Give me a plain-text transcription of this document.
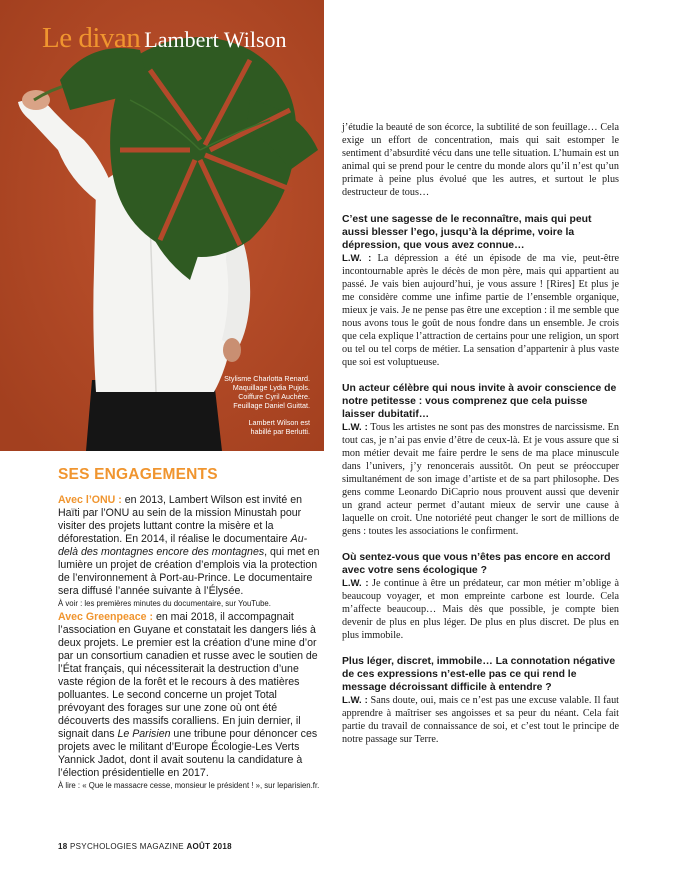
Le divan Lambert Wilson

Stylisme Charlotta Renard.

Maquillage Lydia Pujols.

Coiffure Cyril Auchère.

Feuillage Daniel Guittat.

Lambert Wilson est

habillé par Berlutti.

SES ENGAGEMENTS

Avec l’ONU : en 2013, Lambert Wilson est invité en Haïti par l’ONU au sein de la mission Minustah pour visiter des projets luttant contre la misère et la déforestation. En 2014, il réalise le documentaire Au-delà des montagnes encore des montagnes, qui met en lumière un projet de création d’emplois via la protection de l’environnement à Port-au-Prince. Le documentaire sera diffusé l’année suivante à l’Élysée.

À voir : les premières minutes du documentaire, sur YouTube.

Avec Greenpeace : en mai 2018, il accompagnait l’association en Guyane et constatait les dangers liés à deux projets. Le premier est la création d’une mine d’or par un consortium canadien et russe avec le soutien de l’État français, qui nécessiterait la destruction d’une vaste région de la forêt et le recours à des matières polluantes. Le second concerne un projet Total prévoyant des forages sur une zone où ont été découverts des massifs coralliens. En juin dernier, il signait dans Le Parisien une tribune pour dénoncer ces projets avec le militant d’Europe Écologie-Les Verts Yannick Jadot, dont il avait soutenu la candidature à l’élection présidentielle en 2017.

À lire : « Que le massacre cesse, monsieur le président ! », sur leparisien.fr.

j’étudie la beauté de son écorce, la subtilité de son feuillage… Cela exige un effort de concentration, mais qui sait estomper le sentiment d’absurdité vécu dans une telle situation. L’humain est un animal qui se prend pour le centre du monde alors qu’il n’est qu’un primate à peine plus évolué que les autres, et surtout le plus destructeur de tous…

C’est une sagesse de le reconnaître, mais qui peut aussi blesser l’ego, jusqu’à la déprime, voire la dépression, que vous avez connue…

L.W. : La dépression a été un épisode de ma vie, peut-être incontournable après le décès de mon père, mais qui appartient au passé. Je vais bien aujourd’hui, je vous assure ! [Rires] Et plus je me considère comme une infime partie de l’ensemble organique, mieux je vais. Je ne pense pas être une exception : il me semble que nous avons tous le goût de nous fondre dans un ensemble. Je crois que cela explique l’attraction de certains pour une religion, un sport ou tel ou tel corps de métier. La sensation d’appartenir à plus vaste que soi est voluptueuse.

Un acteur célèbre qui nous invite à avoir conscience de notre petitesse : vous comprenez que cela puisse laisser dubitatif…

L.W. : Tous les artistes ne sont pas des monstres de narcissisme. En tout cas, je n’ai pas envie d’être de ceux-là. Et je vous assure que si mon métier devait me faire perdre le sens de ma place minuscule dans l’univers, j’y renoncerais aussitôt. On peut se préoccuper simultanément de son image d’artiste et de sa part philosophe. Des gens comme Leonardo DiCaprio nous prouvent aussi que devenir un grand acteur permet d’autant mieux de servir une cause à laquelle on croit. Une notoriété peut changer le sort de millions de gens : toutes les associations le confirment.

Où sentez-vous que vous n’êtes pas encore en accord avec votre sens écologique ?

L.W. : Je continue à être un prédateur, car mon métier m’oblige à beaucoup voyager, et mon empreinte carbone est lourde. Cela m’affecte beaucoup… Mais dès que possible, je compte bien devenir de plus en plus léger. De plus en plus discret. De plus en plus immobile.

Plus léger, discret, immobile… La connotation négative de ces expressions n’est-elle pas ce qui rend le message décroissant difficile à entendre ?

L.W. : Sans doute, oui, mais ce n’est pas une excuse valable. Il faut apprendre à maîtriser ses angoisses et sa peur du néant. Cela fait partie du travail de connaissance de soi, et c’est tout le principe de notre passage sur Terre.

18 PSYCHOLOGIES MAGAZINE AOÛT 2018
